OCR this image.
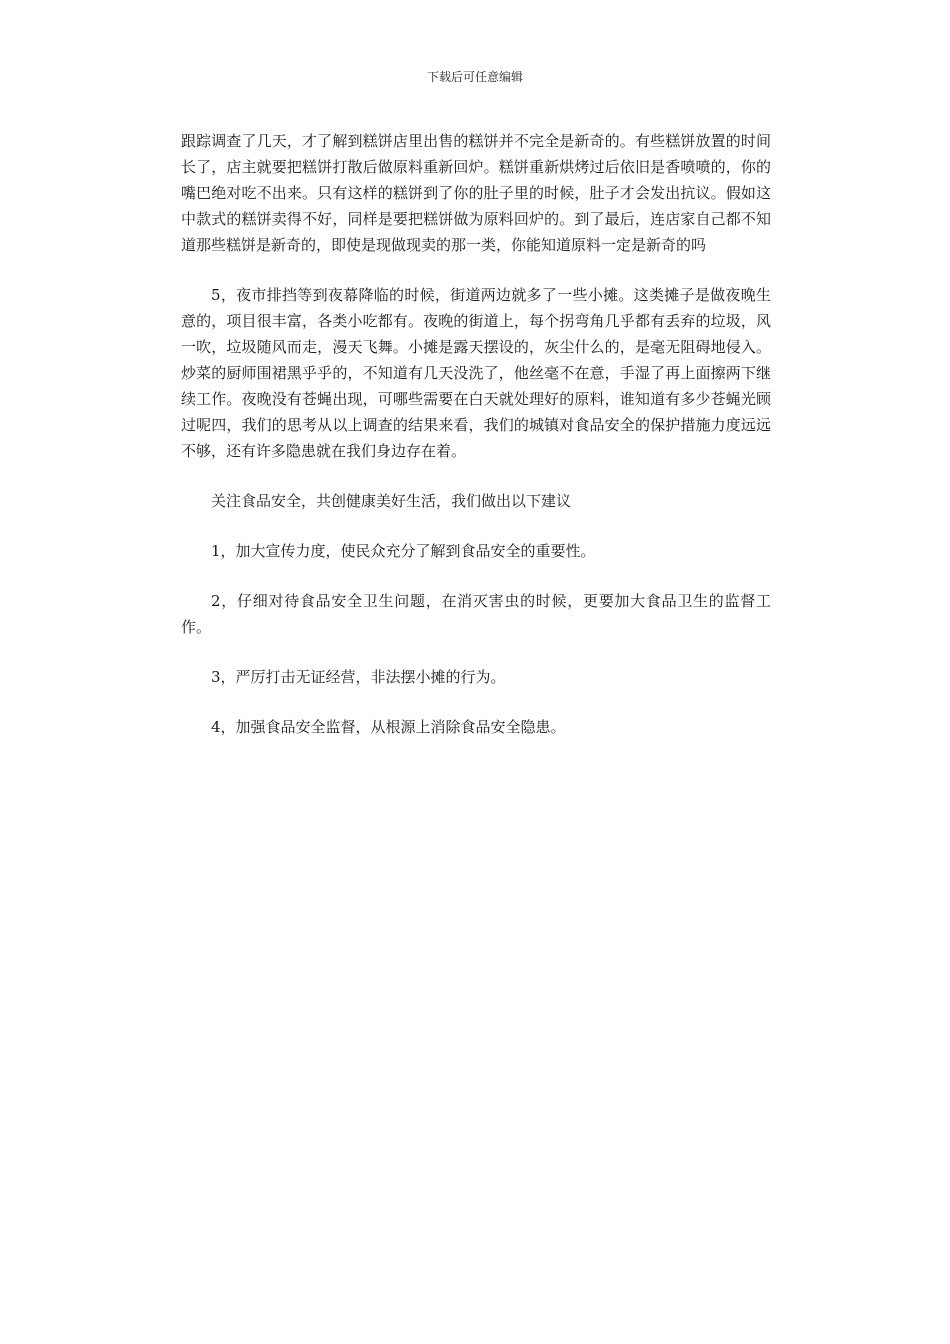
下载后可任意编辑

跟踪调查了几天，才了解到糕饼店里出售的糕饼并不完全是新奇的。有些糕饼放置的时间长了，店主就要把糕饼打散后做原料重新回炉。糕饼重新烘烤过后依旧是香喷喷的，你的嘴巴绝对吃不出来。只有这样的糕饼到了你的肚子里的时候，肚子才会发出抗议。假如这中款式的糕饼卖得不好，同样是要把糕饼做为原料回炉的。到了最后，连店家自己都不知道那些糕饼是新奇的，即使是现做现卖的那一类，你能知道原料一定是新奇的吗

5，夜市排挡等到夜幕降临的时候，街道两边就多了一些小摊。这类摊子是做夜晚生意的，项目很丰富，各类小吃都有。夜晚的街道上，每个拐弯角几乎都有丢弃的垃圾，风一吹，垃圾随风而走，漫天飞舞。小摊是露天摆设的，灰尘什么的，是毫无阻碍地侵入。炒菜的厨师围裙黑乎乎的，不知道有几天没洗了，他丝毫不在意，手湿了再上面擦两下继续工作。夜晚没有苍蝇出现，可哪些需要在白天就处理好的原料，谁知道有多少苍蝇光顾过呢四，我们的思考从以上调查的结果来看，我们的城镇对食品安全的保护措施力度远远不够，还有许多隐患就在我们身边存在着。

关注食品安全，共创健康美好生活，我们做出以下建议

1，加大宣传力度，使民众充分了解到食品安全的重要性。

2，仔细对待食品安全卫生问题，在消灭害虫的时候，更要加大食品卫生的监督工作。

3，严厉打击无证经营，非法摆小摊的行为。

4，加强食品安全监督，从根源上消除食品安全隐患。
